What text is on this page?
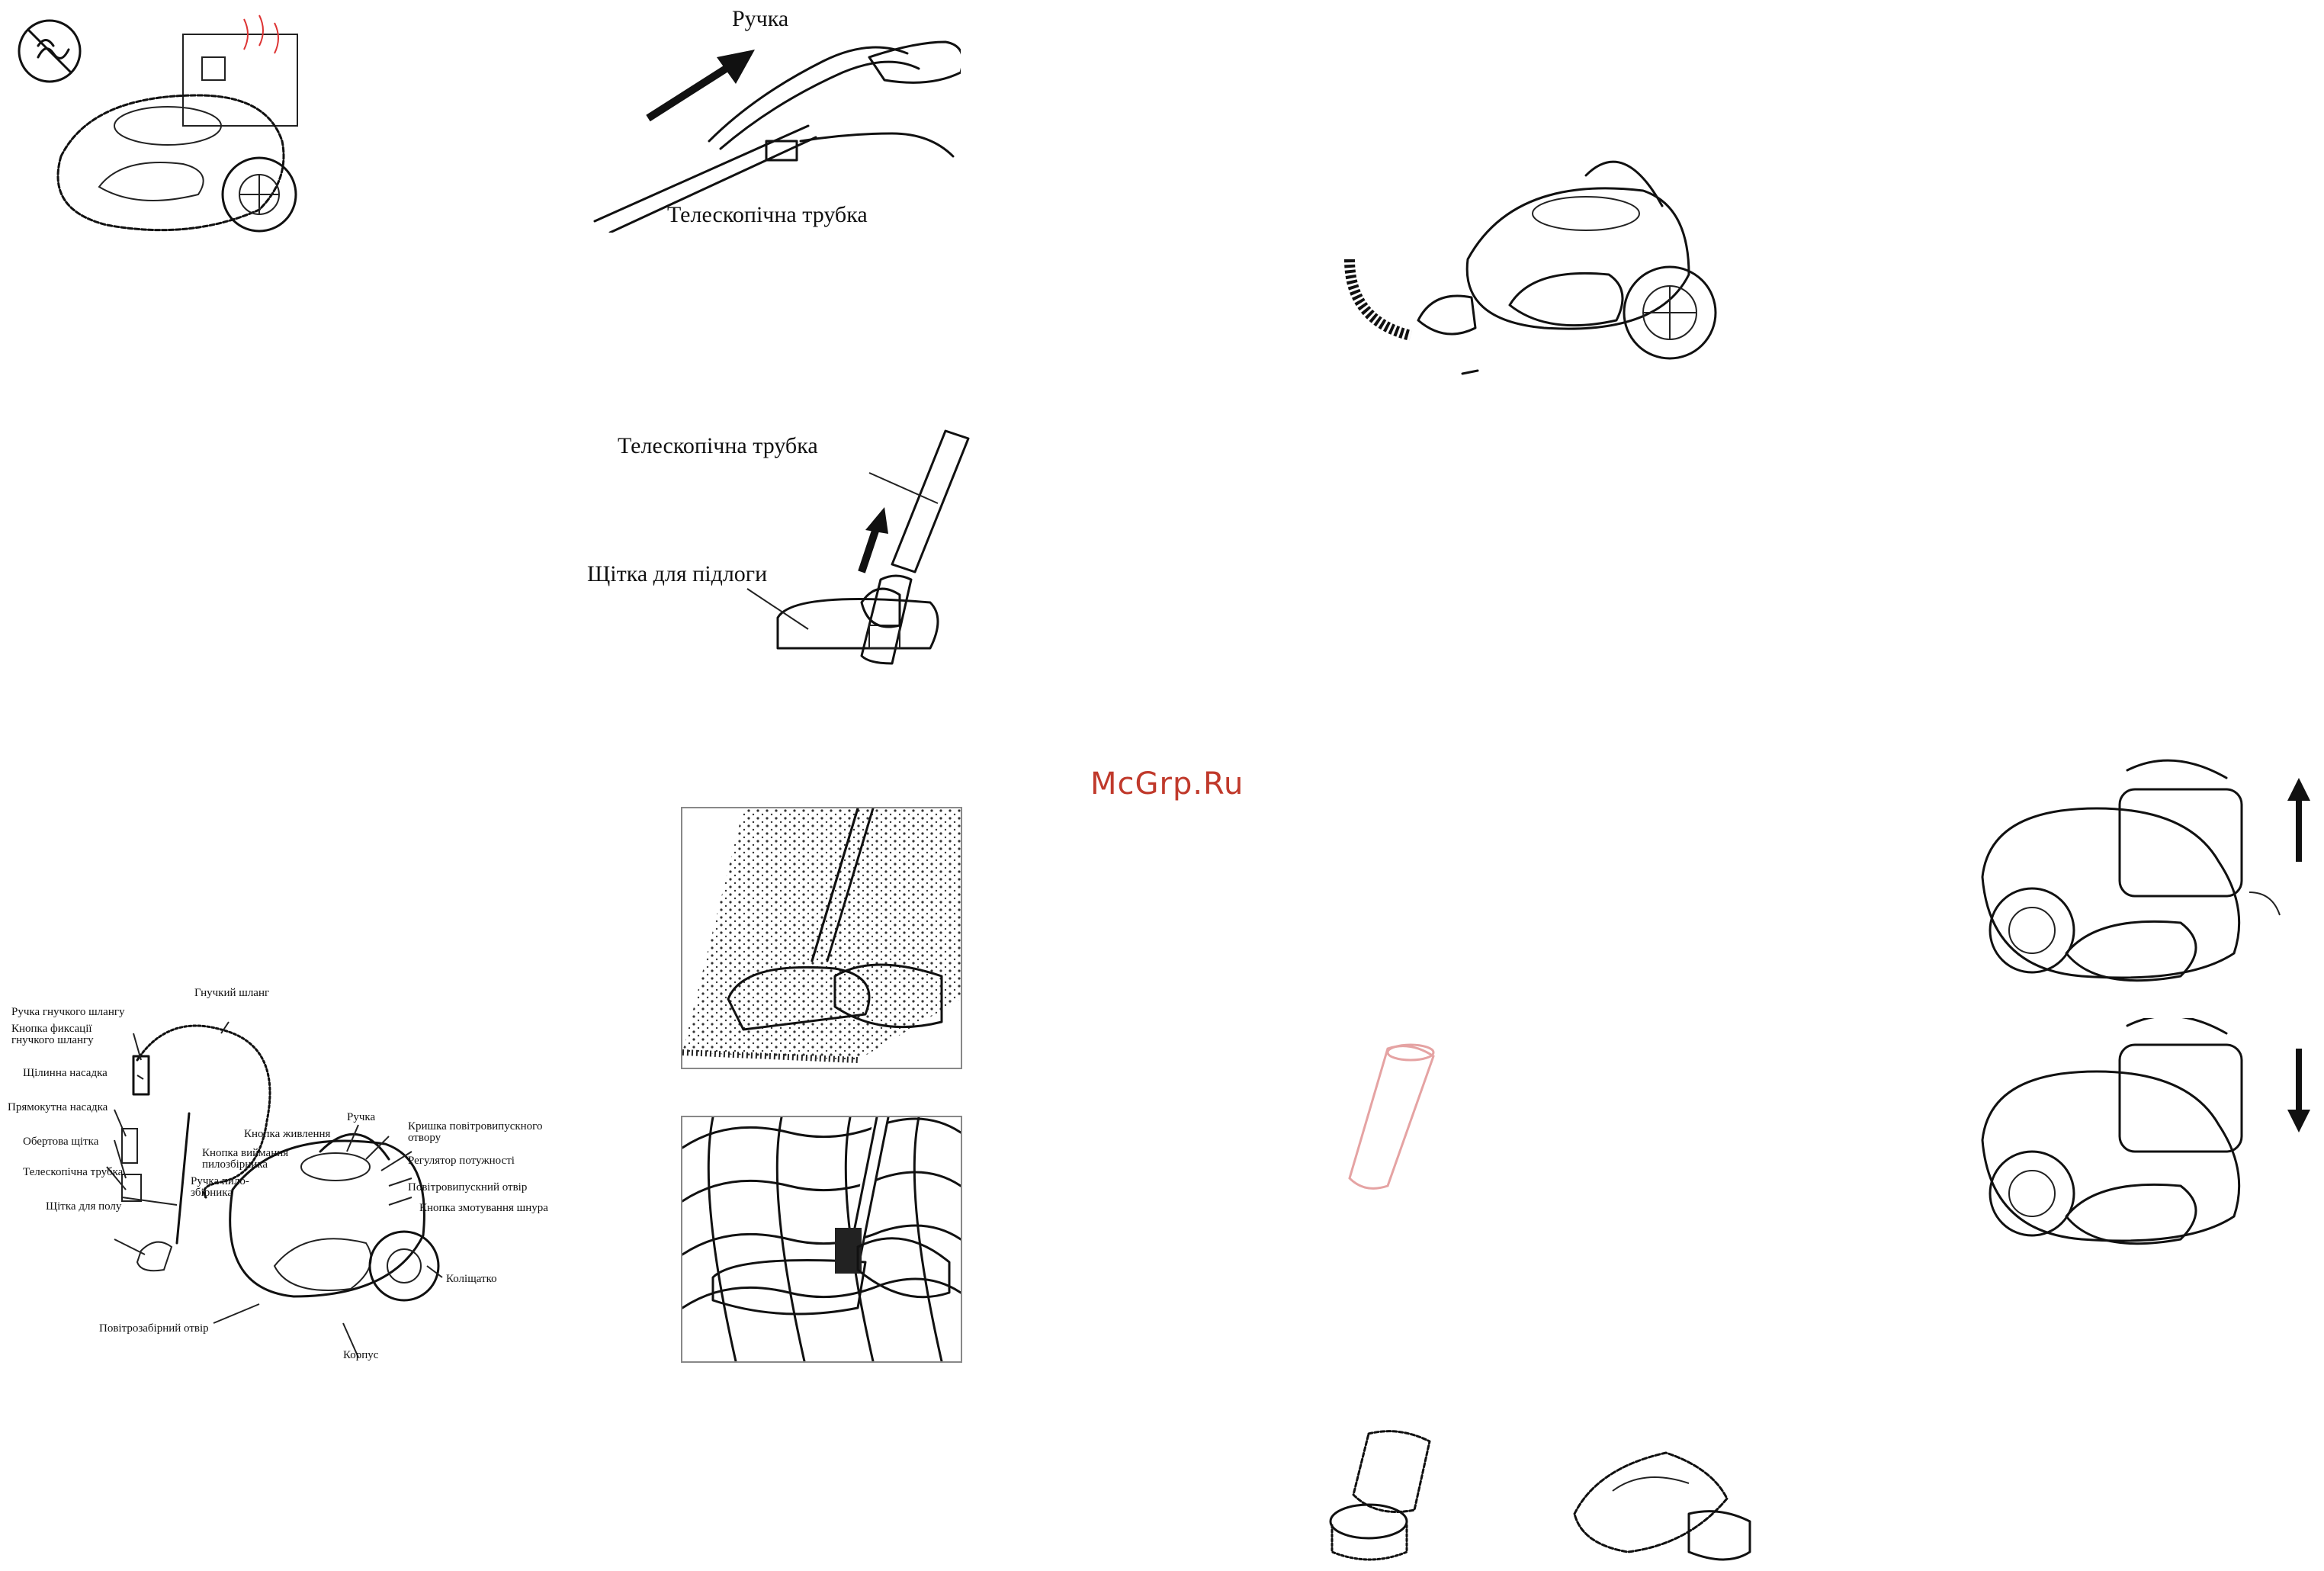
Ручка
Телескопічна трубка
Телескопічна трубка
Щітка для підлоги
Гнучкий шланг
Ручка гнучкого шлангу
Кнопка фиксації
гнучкого шлангу
Щілинна насадка
Прямокутна насадка
Обертова щітка
Телескопічна трубка
Щітка для полу
Ручка
Кнопка живлення
Кнопка виймання
пилозбірника
Ручка пило-
збірника
Кришка повітровипускного
отвору
Регулятор потужності
Повітровипускний отвір
Кнопка змотування шнура
Коліщатко
Повітрозабірний отвір
Корпус
McGrp.Ru
